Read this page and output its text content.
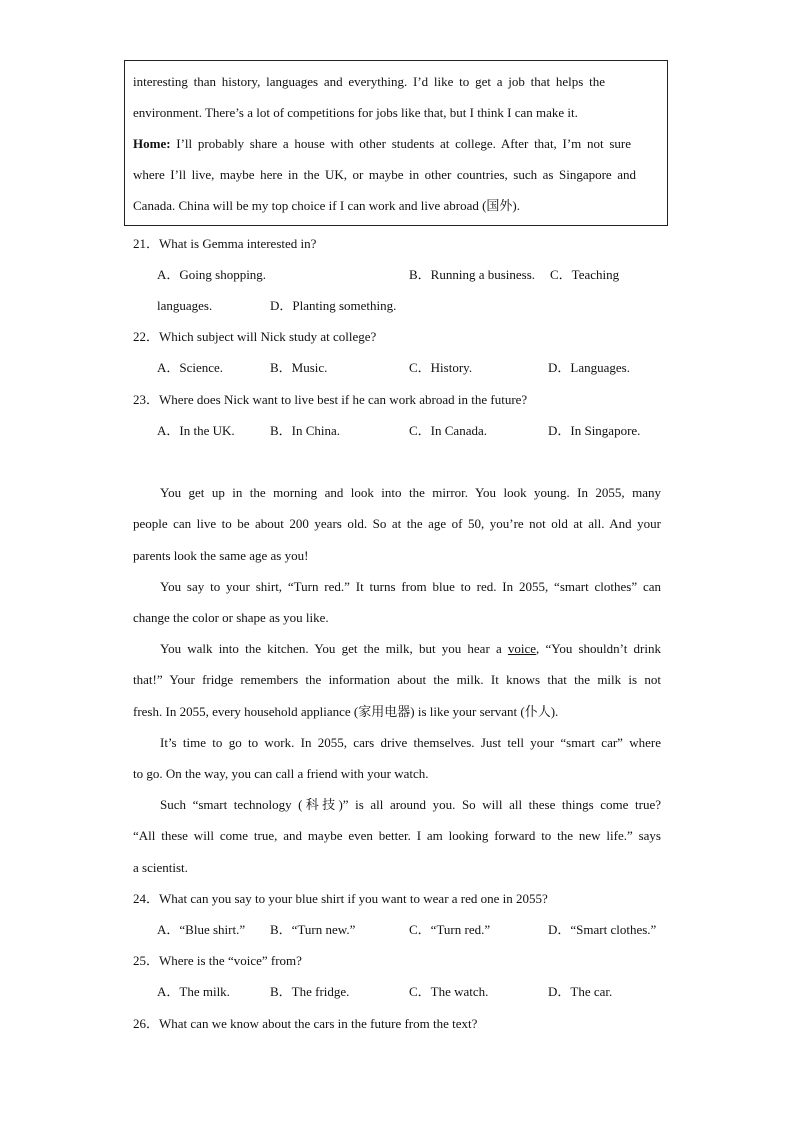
interesting than history, languages and everything. I’d like to get a job that helps the
environment. There’s a lot of competitions for jobs like that, but I think I can make it.
Home: I’ll probably share a house with other students at college. After that, I’m not sure
where I’ll live, maybe here in the UK, or maybe in other countries, such as Singapore and
Canada. China will be my top choice if I can work and live abroad (国外).
21．What is Gemma interested in?
A．Going shopping.	B．Running a business. C．Teaching
languages.	D．Planting something.
22．Which subject will Nick study at college?
A．Science.	B．Music.	C．History.	D．Languages.
23．Where does Nick want to live best if he can work abroad in the future?
A．In the UK.	B．In China.	C．In Canada.	D．In Singapore.
You get up in the morning and look into the mirror. You look young. In 2055, many
people can live to be about 200 years old. So at the age of 50, you’re not old at all. And your
parents look the same age as you!
You say to your shirt, “Turn red.” It turns from blue to red. In 2055, “smart clothes” can
change the color or shape as you like.
You walk into the kitchen. You get the milk, but you hear a voice, “You shouldn’t drink
that!” Your fridge remembers the information about the milk. It knows that the milk is not
fresh. In 2055, every household appliance (家用电器) is like your servant (仆人).
It’s time to go to work. In 2055, cars drive themselves. Just tell your “smart car” where
to go. On the way, you can call a friend with your watch.
Such “smart technology (科技)” is all around you. So will all these things come true?
“All these will come true, and maybe even better. I am looking forward to the new life.” says
a scientist.
24．What can you say to your blue shirt if you want to wear a red one in 2055?
A．“Blue shirt.” B．“Turn new.”	C．“Turn red.”	D．“Smart clothes.”
25．Where is the “voice” from?
A．The milk.	B．The fridge.	C．The watch.	D．The car.
26．What can we know about the cars in the future from the text?
